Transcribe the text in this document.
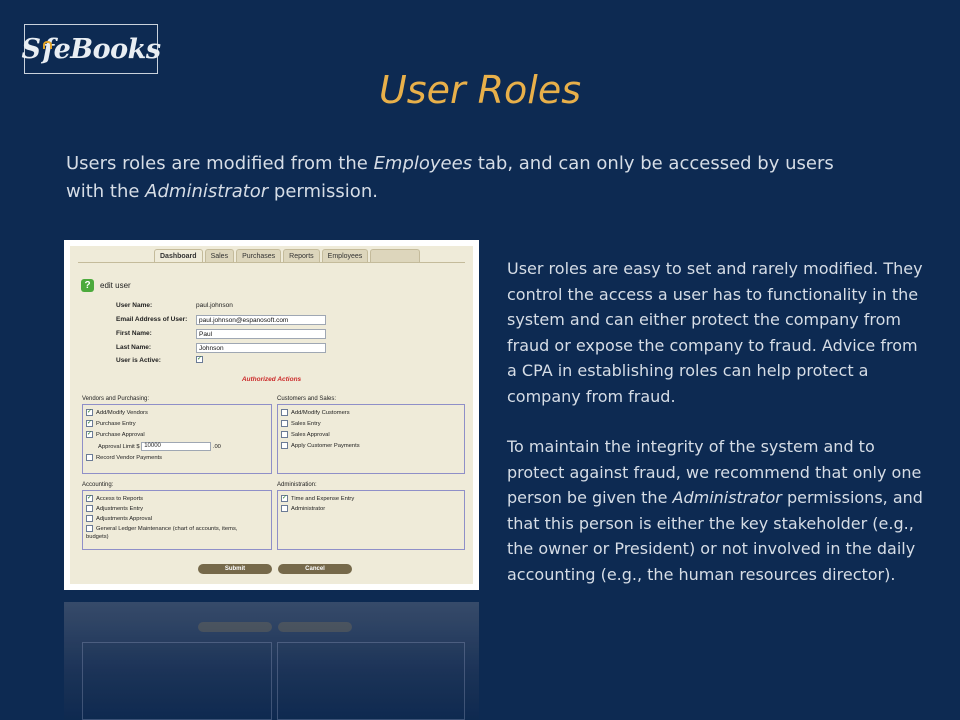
S feBooks
User Roles
Users roles are modified from the Employees tab, and can only be accessed by users with the Administrator permission.
Dashboard	Sales	Purchases	Reports	Employees
?	edit user
User Name:	paul.johnson
Email Address of User:	paul.johnson@espanosoft.com
First Name:	Paul
Last Name:	Johnson
User is Active:	✓
Authorized Actions
Vendors and Purchasing:
✓ Add/Modify Vendors
✓ Purchase Entry
✓ Purchase Approval
Approval Limit $ 10000	.00
Record Vendor Payments
Customers and Sales:
Add/Modify Customers
Sales Entry
Sales Approval
Apply Customer Payments
Accounting:
✓ Access to Reports
Adjustments Entry
Adjustments Approval
General Ledger Maintenance (chart of accounts, items,
budgets)
Administration:
✓ Time and Expense Entry
Administrator
Submit	Cancel

User roles are easy to set and rarely modified. They control the access a user has to functionality in the system and can either protect the company from fraud or expose the company to fraud. Advice from a CPA in establishing roles can help protect a company from fraud.

To maintain the integrity of the system and to protect against fraud, we recommend that only one person be given the Administrator permissions, and that this person is either the key stakeholder (e.g., the owner or President) or not involved in the daily accounting (e.g., the human resources director).
